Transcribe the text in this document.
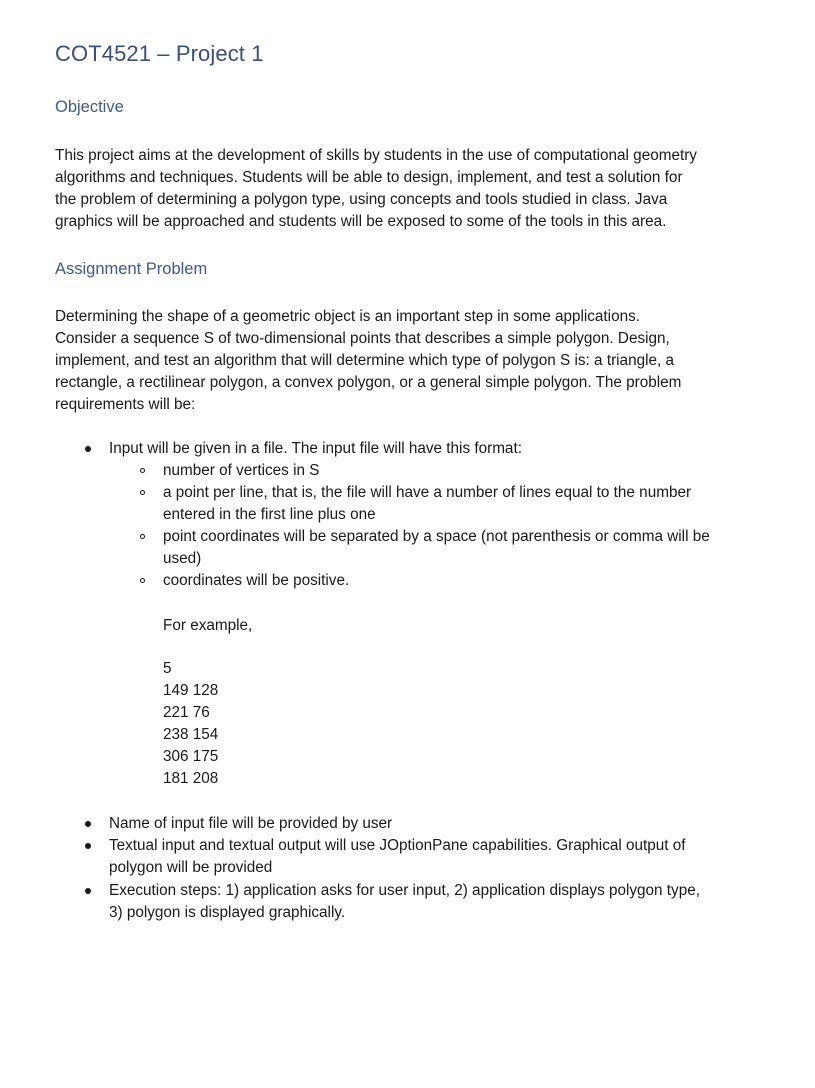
COT4521 – Project 1
Objective
This project aims at the development of skills by students in the use of computational geometry
algorithms and techniques. Students will be able to design, implement, and test a solution for
the problem of determining a polygon type, using concepts and tools studied in class. Java
graphics will be approached and students will be exposed to some of the tools in this area.
Assignment Problem
Determining the shape of a geometric object is an important step in some applications.
Consider a sequence S of two-dimensional points that describes a simple polygon. Design,
implement, and test an algorithm that will determine which type of polygon S is: a triangle, a
rectangle, a rectilinear polygon, a convex polygon, or a general simple polygon. The problem
requirements will be:
Input will be given in a file. The input file will have this format:
number of vertices in S
a point per line, that is, the file will have a number of lines equal to the number
entered in the first line plus one
point coordinates will be separated by a space (not parenthesis or comma will be
used)
coordinates will be positive.
For example,
5
149 128
221 76
238 154
306 175
181 208
Name of input file will be provided by user
Textual input and textual output will use JOptionPane capabilities. Graphical output of
polygon will be provided
Execution steps: 1) application asks for user input, 2) application displays polygon type,
3) polygon is displayed graphically.
